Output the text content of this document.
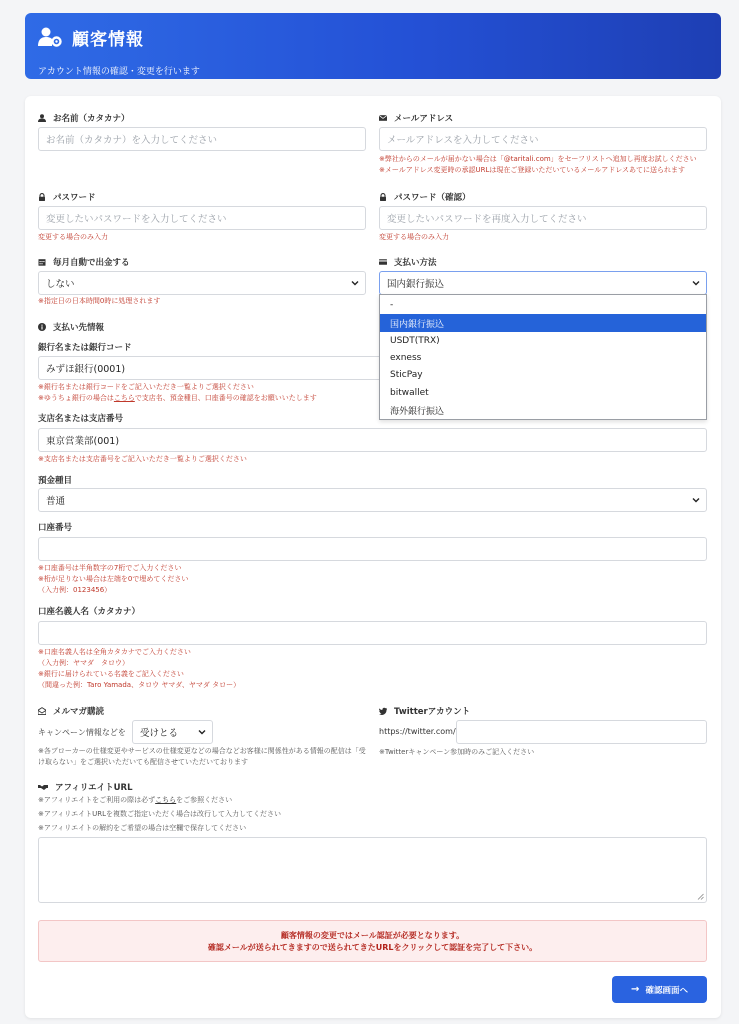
顧客情報
アカウント情報の確認・変更を行います
お名前（カタカナ）
お名前（カタカナ）を入力してください
メールアドレス
メールアドレスを入力してください
※弊社からのメールが届かない場合は「@taritali.com」をセーフリストへ追加し再度お試しください
※メールアドレス変更時の承認URLは現在ご登録いただいているメールアドレスあてに送られます
パスワード
変更したいパスワードを入力してください
変更する場合のみ入力
パスワード（確認）
変更したいパスワードを再度入力してください
変更する場合のみ入力
毎月自動で出金する
しない
※指定日の日本時間0時に処理されます
支払い方法
国内銀行振込
-
国内銀行振込
USDT(TRX)
exness
SticPay
bitwallet
海外銀行振込
支払い先情報
銀行名または銀行コード
みずほ銀行(0001)
※銀行名または銀行コードをご記入いただき一覧よりご選択ください
※ゆうちょ銀行の場合はこちらで支店名、預金種目、口座番号の確認をお願いいたします
支店名または支店番号
東京営業部(001)
※支店名または支店番号をご記入いただき一覧よりご選択ください
預金種目
普通
口座番号
※口座番号は半角数字の7桁でご入力ください
※桁が足りない場合は左端を0で埋めてください
（入力例：0123456）
口座名義人名（カタカナ）
※口座名義人名は全角カタカナでご入力ください
（入力例：ヤマダ　タロウ）
※銀行に届けられている名義をご記入ください
（間違った例：Taro Yamada、タロウ ヤマダ、ヤマダ タロー）
メルマガ購読
キャンペーン情報などを 受けとる
※各ブローカーの仕様変更やサービスの仕様変更などの場合などお客様に関係性がある情報の配信は「受
け取らない」をご選択いただいても配信させていただいております
Twitterアカウント
https://twitter.com/
※Twitterキャンペーン参加時のみご記入ください
アフィリエイトURL
※アフィリエイトをご利用の際は必ずこちらをご参照ください
※アフィリエイトURLを複数ご指定いただく場合は改行して入力してください
※アフィリエイトの解約をご希望の場合は空欄で保存してください
顧客情報の変更ではメール認証が必要となります。
確認メールが送られてきますので送られてきたURLをクリックして認証を完了して下さい。
→ 確認画面へ
